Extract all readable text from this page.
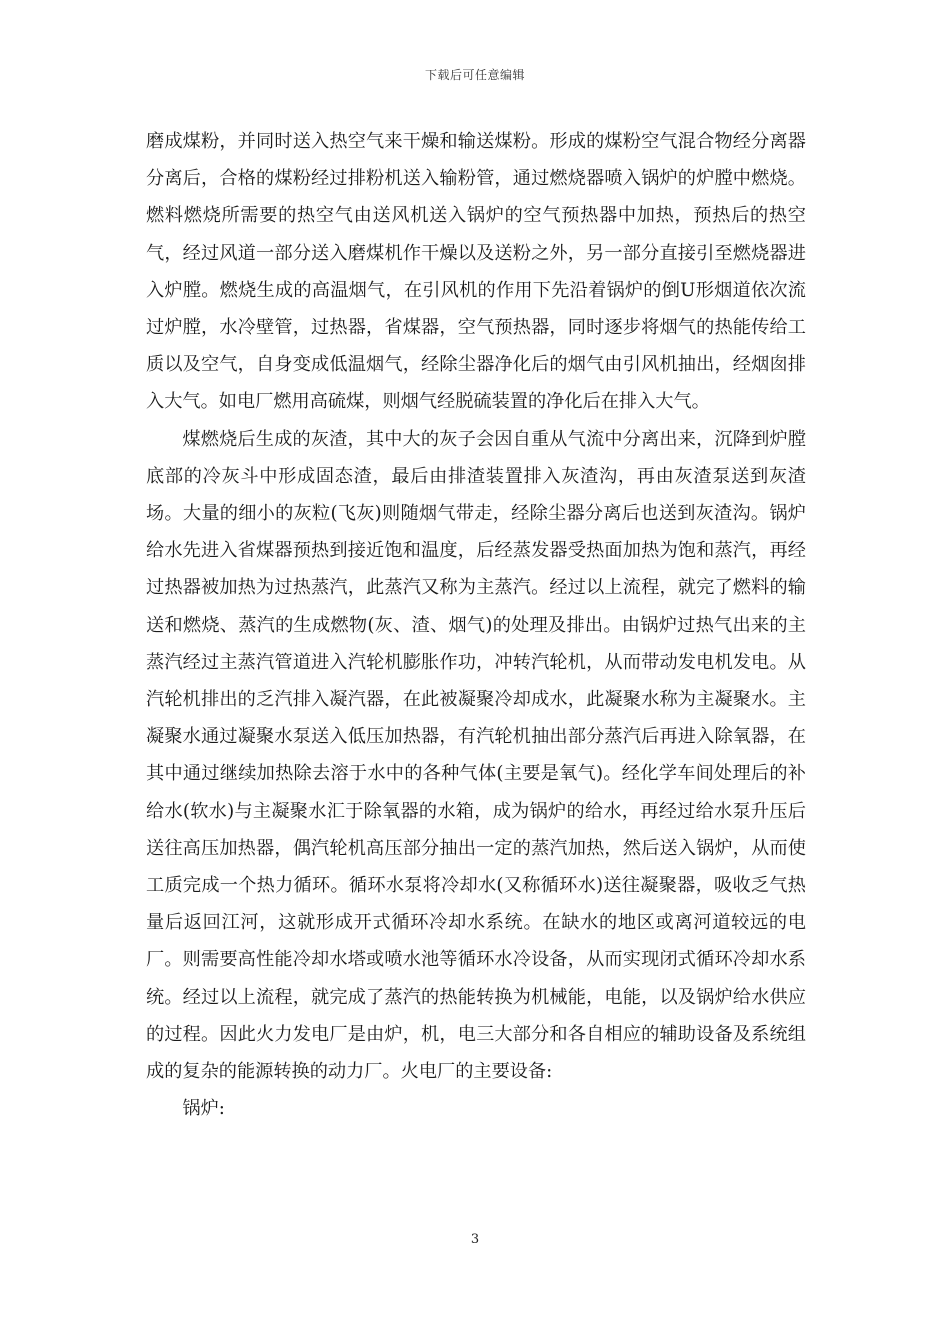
下载后可任意编辑

磨成煤粉，并同时送入热空气来干燥和输送煤粉。形成的煤粉空气混合物经分离器分离后，合格的煤粉经过排粉机送入输粉管，通过燃烧器喷入锅炉的炉膛中燃烧。燃料燃烧所需要的热空气由送风机送入锅炉的空气预热器中加热，预热后的热空气，经过风道一部分送入磨煤机作干燥以及送粉之外，另一部分直接引至燃烧器进入炉膛。燃烧生成的高温烟气，在引风机的作用下先沿着锅炉的倒U形烟道依次流过炉膛，水冷壁管，过热器，省煤器，空气预热器，同时逐步将烟气的热能传给工质以及空气，自身变成低温烟气，经除尘器净化后的烟气由引风机抽出，经烟囱排入大气。如电厂燃用高硫煤，则烟气经脱硫装置的净化后在排入大气。

煤燃烧后生成的灰渣，其中大的灰子会因自重从气流中分离出来，沉降到炉膛底部的冷灰斗中形成固态渣，最后由排渣装置排入灰渣沟，再由灰渣泵送到灰渣场。大量的细小的灰粒(飞灰)则随烟气带走，经除尘器分离后也送到灰渣沟。锅炉给水先进入省煤器预热到接近饱和温度，后经蒸发器受热面加热为饱和蒸汽，再经过热器被加热为过热蒸汽，此蒸汽又称为主蒸汽。经过以上流程，就完了燃料的输送和燃烧、蒸汽的生成燃物(灰、渣、烟气)的处理及排出。由锅炉过热气出来的主蒸汽经过主蒸汽管道进入汽轮机膨胀作功，冲转汽轮机，从而带动发电机发电。从汽轮机排出的乏汽排入凝汽器，在此被凝聚冷却成水，此凝聚水称为主凝聚水。主凝聚水通过凝聚水泵送入低压加热器，有汽轮机抽出部分蒸汽后再进入除氧器，在其中通过继续加热除去溶于水中的各种气体(主要是氧气)。经化学车间处理后的补给水(软水)与主凝聚水汇于除氧器的水箱，成为锅炉的给水，再经过给水泵升压后送往高压加热器，偶汽轮机高压部分抽出一定的蒸汽加热，然后送入锅炉，从而使工质完成一个热力循环。循环水泵将冷却水(又称循环水)送往凝聚器，吸收乏气热量后返回江河，这就形成开式循环冷却水系统。在缺水的地区或离河道较远的电厂。则需要高性能冷却水塔或喷水池等循环水冷设备，从而实现闭式循环冷却水系统。经过以上流程，就完成了蒸汽的热能转换为机械能，电能，以及锅炉给水供应的过程。因此火力发电厂是由炉，机，电三大部分和各自相应的辅助设备及系统组成的复杂的能源转换的动力厂。火电厂的主要设备:

锅炉:

3
